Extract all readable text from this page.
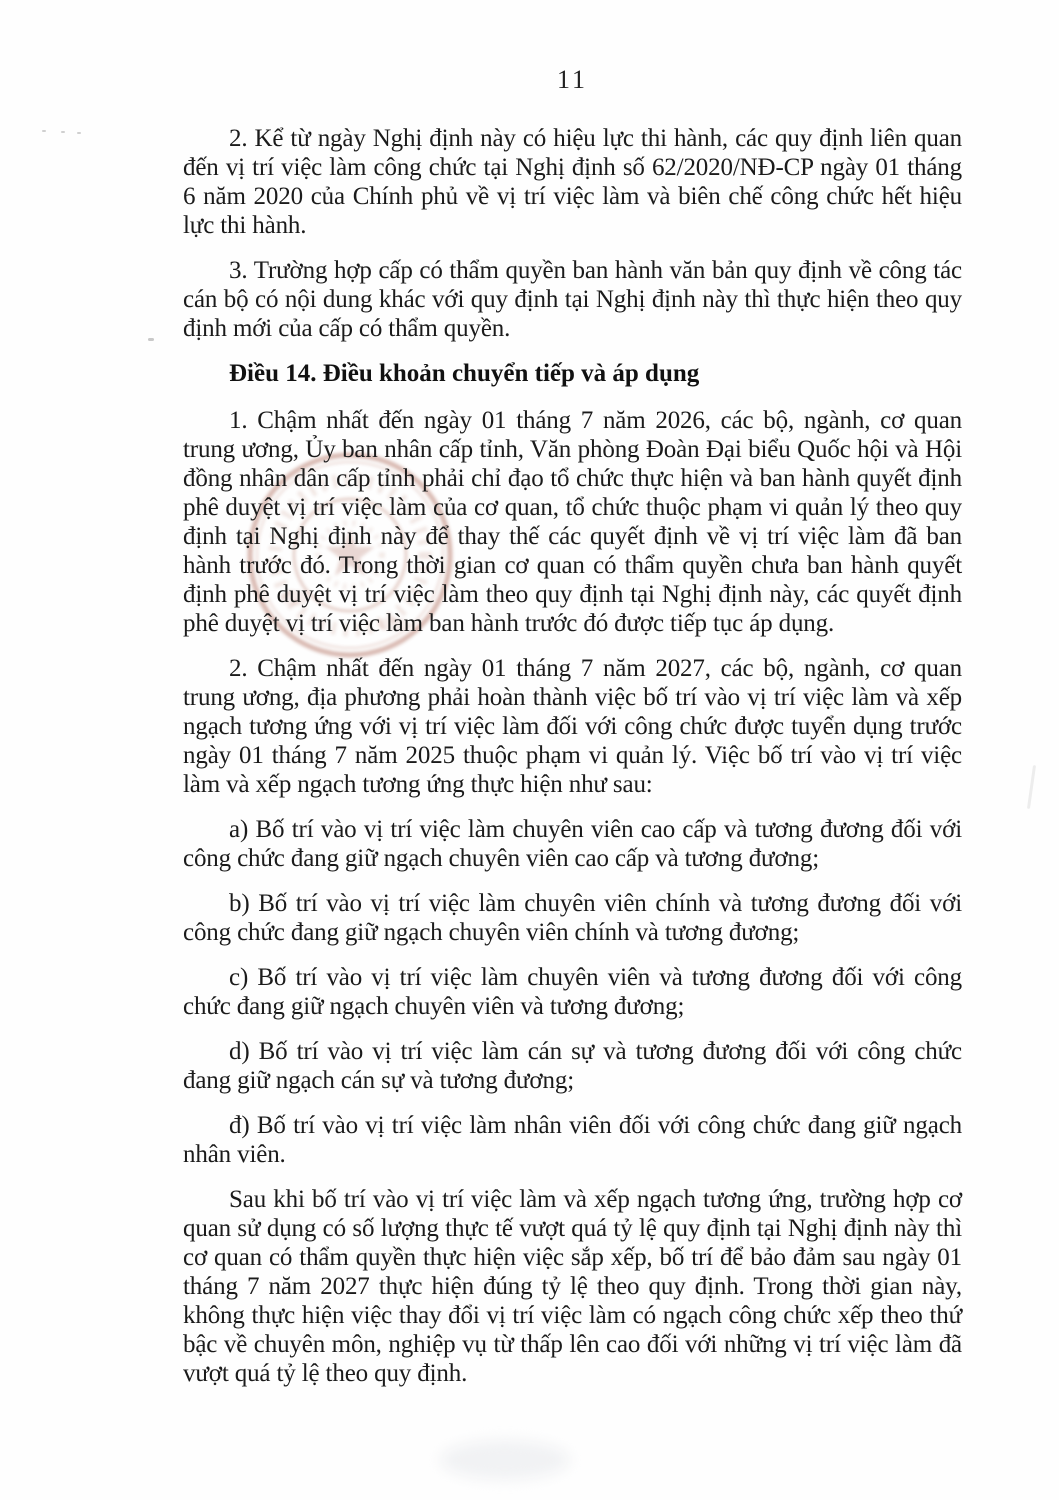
11

2. Kể từ ngày Nghị định này có hiệu lực thi hành, các quy định liên quan đến vị trí việc làm công chức tại Nghị định số 62/2020/NĐ-CP ngày 01 tháng 6 năm 2020 của Chính phủ về vị trí việc làm và biên chế công chức hết hiệu lực thi hành.

3. Trường hợp cấp có thẩm quyền ban hành văn bản quy định về công tác cán bộ có nội dung khác với quy định tại Nghị định này thì thực hiện theo quy định mới của cấp có thẩm quyền.

Điều 14. Điều khoản chuyển tiếp và áp dụng

1. Chậm nhất đến ngày 01 tháng 7 năm 2026, các bộ, ngành, cơ quan trung ương, Ủy ban nhân cấp tỉnh, Văn phòng Đoàn Đại biểu Quốc hội và Hội đồng nhân dân cấp tỉnh phải chỉ đạo tổ chức thực hiện và ban hành quyết định phê duyệt vị trí việc làm của cơ quan, tổ chức thuộc phạm vi quản lý theo quy định tại Nghị định này để thay thế các quyết định về vị trí việc làm đã ban hành trước đó. Trong thời gian cơ quan có thẩm quyền chưa ban hành quyết định phê duyệt vị trí việc làm theo quy định tại Nghị định này, các quyết định phê duyệt vị trí việc làm ban hành trước đó được tiếp tục áp dụng.

2. Chậm nhất đến ngày 01 tháng 7 năm 2027, các bộ, ngành, cơ quan trung ương, địa phương phải hoàn thành việc bố trí vào vị trí việc làm và xếp ngạch tương ứng với vị trí việc làm đối với công chức được tuyển dụng trước ngày 01 tháng 7 năm 2025 thuộc phạm vi quản lý. Việc bố trí vào vị trí việc làm và xếp ngạch tương ứng thực hiện như sau:

a) Bố trí vào vị trí việc làm chuyên viên cao cấp và tương đương đối với công chức đang giữ ngạch chuyên viên cao cấp và tương đương;

b) Bố trí vào vị trí việc làm chuyên viên chính và tương đương đối với công chức đang giữ ngạch chuyên viên chính và tương đương;

c) Bố trí vào vị trí việc làm chuyên viên và tương đương đối với công chức đang giữ ngạch chuyên viên và tương đương;

d) Bố trí vào vị trí việc làm cán sự và tương đương đối với công chức đang giữ ngạch cán sự và tương đương;

đ) Bố trí vào vị trí việc làm nhân viên đối với công chức đang giữ ngạch nhân viên.

Sau khi bố trí vào vị trí việc làm và xếp ngạch tương ứng, trường hợp cơ quan sử dụng có số lượng thực tế vượt quá tỷ lệ quy định tại Nghị định này thì cơ quan có thẩm quyền thực hiện việc sắp xếp, bố trí để bảo đảm sau ngày 01 tháng 7 năm 2027 thực hiện đúng tỷ lệ theo quy định. Trong thời gian này, không thực hiện việc thay đổi vị trí việc làm có ngạch công chức xếp theo thứ bậc về chuyên môn, nghiệp vụ từ thấp lên cao đối với những vị trí việc làm đã vượt quá tỷ lệ theo quy định.
